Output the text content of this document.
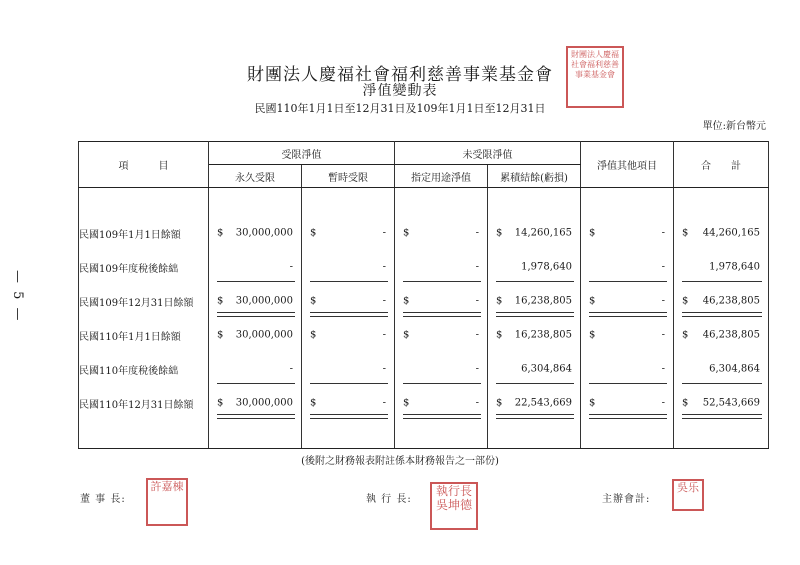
財團法人慶福社會福利慈善事業基金會
淨值變動表
民國110年1月1日至12月31日及109年1月1日至12月31日
單位:新台幣元
— 5 —
財團法人慶福社會福利慈善事業基金會
項　　　目	受限淨值		未受限淨值		淨值其他項目	合　　計
	永久受限	暫時受限	指定用途淨值	累積結餘(虧損)		

民國109年1月1日餘額	$ 30,000,000	$ -	$ -	$ 14,260,165	$ -	$ 44,260,165

民國109年度稅後餘絀	-	-	-	1,978,640	-	1,978,640

民國109年12月31日餘額	$ 30,000,000	$ -	$ -	$ 16,238,805	$ -	$ 46,238,805

民國110年1月1日餘額	$ 30,000,000	$ -	$ -	$ 16,238,805	$ -	$ 46,238,805

民國110年度稅後餘絀	-	-	-	6,304,864	-	6,304,864

民國110年12月31日餘額	$ 30,000,000	$ -	$ -	$ 22,543,669	$ -	$ 52,543,669

(後附之財務報表附註係本財務報告之一部份)
董 事 長:
許嘉棟
執 行 長:
執行長吳坤德	主辦會計:
吳乐
